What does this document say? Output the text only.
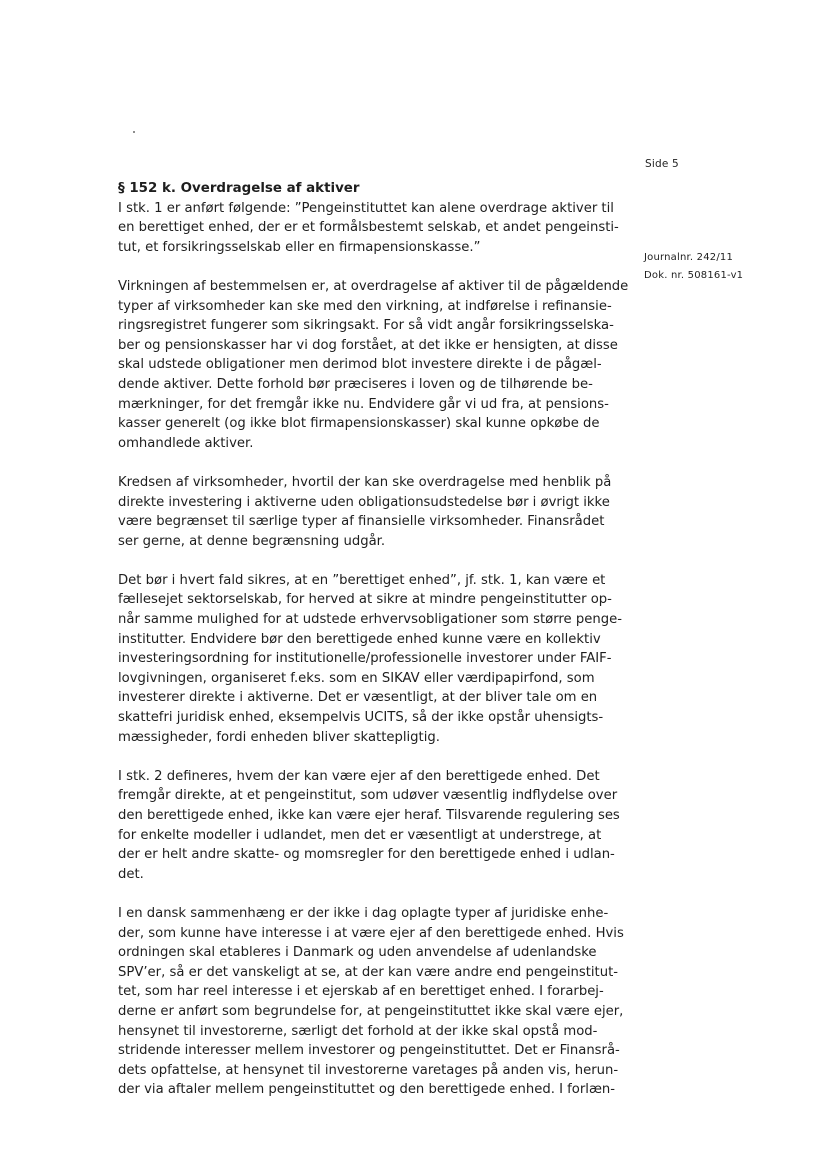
Side 5
Journalnr. 242/11
Dok. nr. 508161-v1
§ 152 k. Overdragelse af aktiver

I stk. 1 er anført følgende: ”Pengeinstituttet kan alene overdrage aktiver til
en berettiget enhed, der er et formålsbestemt selskab, et andet pengeinsti-
tut, et forsikringsselskab eller en firmapensionskasse.”

Virkningen af bestemmelsen er, at overdragelse af aktiver til de pågældende
typer af virksomheder kan ske med den virkning, at indførelse i refinansie-
ringsregistret fungerer som sikringsakt. For så vidt angår forsikringsselska-
ber og pensionskasser har vi dog forstået, at det ikke er hensigten, at disse
skal udstede obligationer men derimod blot investere direkte i de pågæl-
dende aktiver. Dette forhold bør præciseres i loven og de tilhørende be-
mærkninger, for det fremgår ikke nu. Endvidere går vi ud fra, at pensions-
kasser generelt (og ikke blot firmapensionskasser) skal kunne opkøbe de
omhandlede aktiver.

Kredsen af virksomheder, hvortil der kan ske overdragelse med henblik på
direkte investering i aktiverne uden obligationsudstedelse bør i øvrigt ikke
være begrænset til særlige typer af finansielle virksomheder. Finansrådet
ser gerne, at denne begrænsning udgår.

Det bør i hvert fald sikres, at en ”berettiget enhed”, jf. stk. 1, kan være et
fællesejet sektorselskab, for herved at sikre at mindre pengeinstitutter op-
når samme mulighed for at udstede erhvervsobligationer som større penge-
institutter. Endvidere bør den berettigede enhed kunne være en kollektiv
investeringsordning for institutionelle/professionelle investorer under FAIF-
lovgivningen, organiseret f.eks. som en SIKAV eller værdipapirfond, som
investerer direkte i aktiverne. Det er væsentligt, at der bliver tale om en
skattefri juridisk enhed, eksempelvis UCITS, så der ikke opstår uhensigts-
mæssigheder, fordi enheden bliver skattepligtig.

I stk. 2 defineres, hvem der kan være ejer af den berettigede enhed. Det
fremgår direkte, at et pengeinstitut, som udøver væsentlig indflydelse over
den berettigede enhed, ikke kan være ejer heraf. Tilsvarende regulering ses
for enkelte modeller i udlandet, men det er væsentligt at understrege, at
der er helt andre skatte- og momsregler for den berettigede enhed i udlan-
det.

I en dansk sammenhæng er der ikke i dag oplagte typer af juridiske enhe-
der, som kunne have interesse i at være ejer af den berettigede enhed. Hvis
ordningen skal etableres i Danmark og uden anvendelse af udenlandske
SPV’er, så er det vanskeligt at se, at der kan være andre end pengeinstitut-
tet, som har reel interesse i et ejerskab af en berettiget enhed. I forarbej-
derne er anført som begrundelse for, at pengeinstituttet ikke skal være ejer,
hensynet til investorerne, særligt det forhold at der ikke skal opstå mod-
stridende interesser mellem investorer og pengeinstituttet. Det er Finansrå-
dets opfattelse, at hensynet til investorerne varetages på anden vis, herun-
der via aftaler mellem pengeinstituttet og den berettigede enhed. I forlæn-
